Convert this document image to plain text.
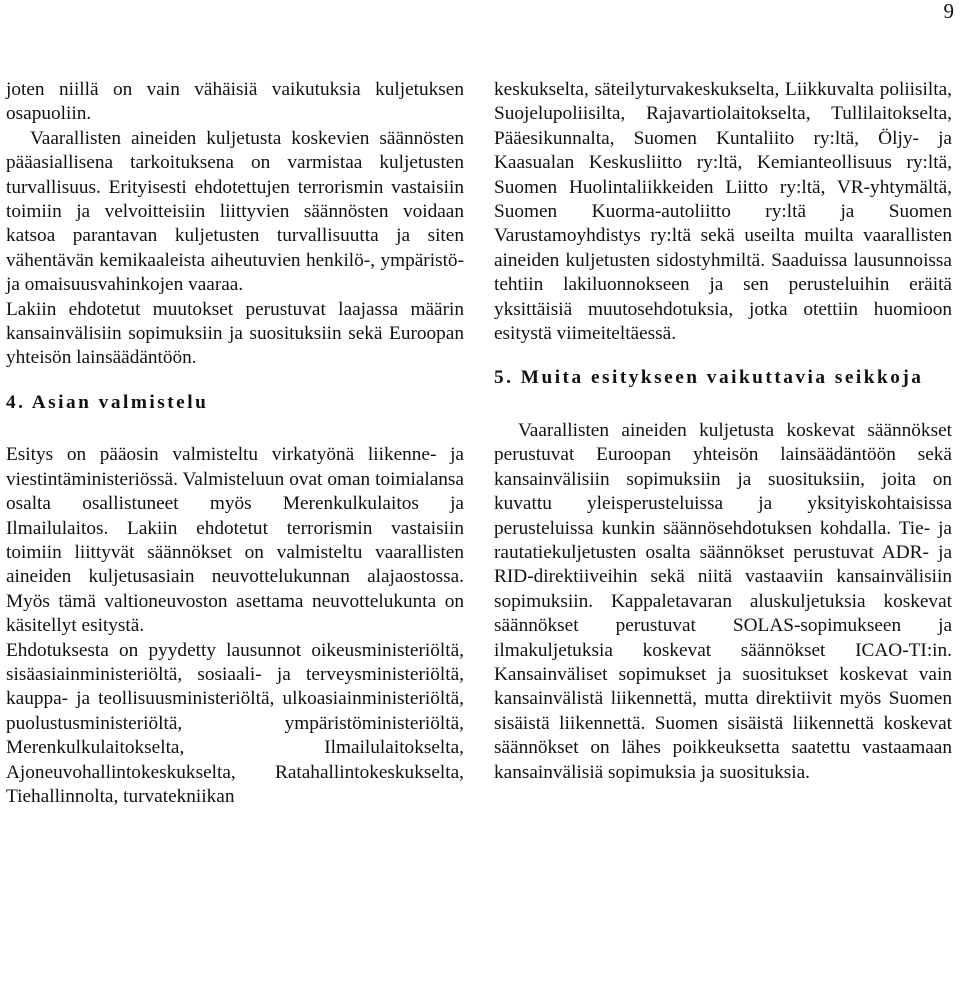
9

joten niillä on vain vähäisiä vaikutuksia kuljetuksen osapuoliin.

Vaarallisten aineiden kuljetusta koskevien säännösten pääasiallisena tarkoituksena on varmistaa kuljetusten turvallisuus. Erityisesti ehdotettujen terrorismin vastaisiin toimiin ja velvoitteisiin liittyvien säännösten voidaan katsoa parantavan kuljetusten turvallisuutta ja siten vähentävän kemikaaleista aiheutuvien henkilö-, ympäristö- ja omaisuusvahinkojen vaaraa.

Lakiin ehdotetut muutokset perustuvat laajassa määrin kansainvälisiin sopimuksiin ja suosituksiin sekä Euroopan yhteisön lainsäädäntöön.

4. Asian valmistelu

Esitys on pääosin valmisteltu virkatyönä liikenne- ja viestintäministeriössä. Valmisteluun ovat oman toimialansa osalta osallistuneet myös Merenkulkulaitos ja Ilmailulaitos. Lakiin ehdotetut terrorismin vastaisiin toimiin liittyvät säännökset on valmisteltu vaarallisten aineiden kuljetusasiain neuvottelukunnan alajaostossa. Myös tämä valtioneuvoston asettama neuvottelukunta on käsitellyt esitystä.

Ehdotuksesta on pyydetty lausunnot oikeusministeriöltä, sisäasiainministeriöltä, sosiaali- ja terveysministeriöltä, kauppa- ja teollisuusministeriöltä, ulkoasiainministeriöltä, puolustusministeriöltä, ympäristöministeriöltä, Merenkulkulaitokselta, Ilmailulaitokselta, Ajoneuvohallintokeskukselta, Ratahallintokeskukselta, Tiehallinnolta, turvatekniikan

keskukselta, säteilyturvakeskukselta, Liikkuvalta poliisilta, Suojelupoliisilta, Rajavartiolaitokselta, Tullilaitokselta, Pääesikunnalta, Suomen Kuntaliito ry:ltä, Öljy- ja Kaasualan Keskusliitto ry:ltä, Kemianteollisuus ry:ltä, Suomen Huolintaliikkeiden Liitto ry:ltä, VR-yhtymältä, Suomen Kuorma-autoliitto ry:ltä ja Suomen Varustamoyhdistys ry:ltä sekä useilta muilta vaarallisten aineiden kuljetusten sidostyhmiltä. Saaduissa lausunnoissa tehtiin lakiluonnokseen ja sen perusteluihin eräitä yksittäisiä muutosehdotuksia, jotka otettiin huomioon esitystä viimeiteltäessä.

5. Muita esitykseen vaikuttavia seikkoja

Vaarallisten aineiden kuljetusta koskevat säännökset perustuvat Euroopan yhteisön lainsäädäntöön sekä kansainvälisiin sopimuksiin ja suosituksiin, joita on kuvattu yleisperusteluissa ja yksityiskohtaisissa perusteluissa kunkin säännösehdotuksen kohdalla. Tie- ja rautatiekuljetusten osalta säännökset perustuvat ADR- ja RID-direktiiveihin sekä niitä vastaaviin kansainvälisiin sopimuksiin. Kappaletavaran aluskuljetuksia koskevat säännökset perustuvat SOLAS-sopimukseen ja ilmakuljetuksia koskevat säännökset ICAO-TI:in. Kansainväliset sopimukset ja suositukset koskevat vain kansainvälistä liikennettä, mutta direktiivit myös Suomen sisäistä liikennettä. Suomen sisäistä liikennettä koskevat säännökset on lähes poikkeuksetta saatettu vastaamaan kansainvälisiä sopimuksia ja suosituksia.
